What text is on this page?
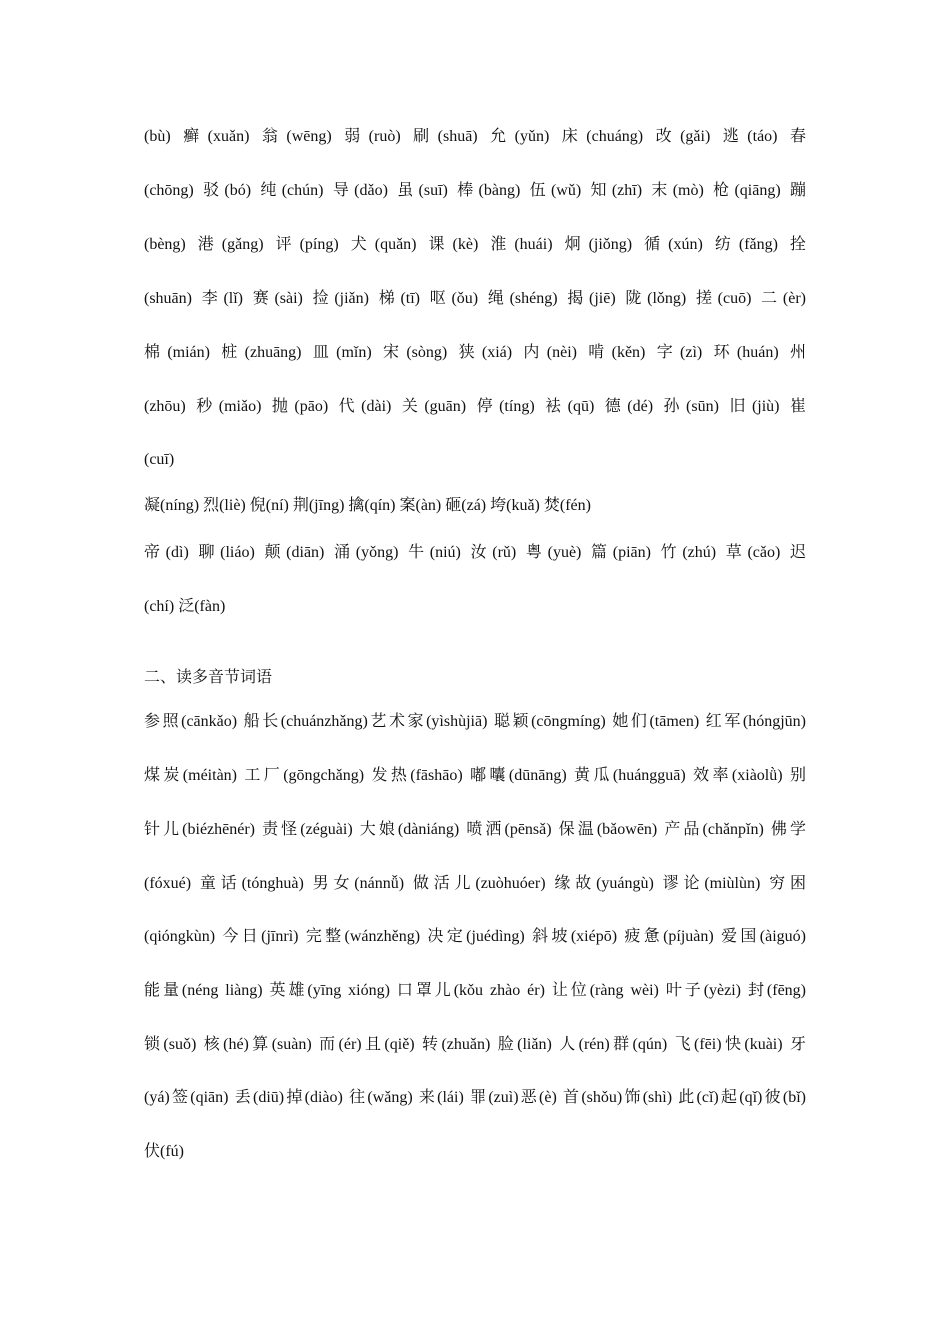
(bù) 癣(xuǎn) 翁(wēng) 弱(ruò) 刷(shuā) 允(yǔn) 床(chuáng) 改(gǎi) 逃(táo) 春
(chōng) 驳(bó) 纯(chún) 导(dǎo) 虽(suī) 棒(bàng) 伍(wǔ) 知(zhī) 末(mò) 枪(qiāng) 蹦
(bèng) 港(gǎng) 评(píng) 犬(quǎn) 课(kè) 淮(huái) 炯(jiǒng) 循(xún) 纺(fǎng) 拴
(shuān) 李(lǐ) 赛(sài) 捡(jiǎn) 梯(tī) 呕(ǒu) 绳(shéng) 揭(jiē) 陇(lǒng) 搓(cuō) 二(èr)
棉(mián) 桩(zhuāng) 皿(mǐn) 宋(sòng) 狭(xiá) 内(nèi) 啃(kěn) 字(zì) 环(huán) 州
(zhōu) 秒(miǎo) 抛(pāo) 代(dài) 关(guān) 停(tíng) 袪(qū) 德(dé) 孙(sūn) 旧(jiù) 崔
(cuī)
凝(níng) 烈(liè) 倪(ní) 荆(jīng) 擒(qín) 案(àn) 砸(zá) 垮(kuǎ) 焚(fén)
帝(dì) 聊(liáo) 颠(diān) 涌(yǒng) 牛(niú) 汝(rǔ) 粤(yuè) 篇(piān) 竹(zhú) 草(cǎo) 迟
(chí) 泛(fàn)
二、读多音节词语
参照(cānkǎo) 船长(chuánzhǎng)艺术家(yìshùjiā) 聪颖(cōngmíng) 她们(tāmen) 红军(hóngjūn)
煤炭(méitàn) 工厂(gōngchǎng) 发热(fāshāo) 嘟囔(dūnāng) 黄瓜(huángguā) 效率(xiàolǜ) 别
针儿(biézhēnér) 责怪(zéguài) 大娘(dàniáng) 喷洒(pēnsǎ) 保温(bǎowēn) 产品(chǎnpǐn) 佛学
(fóxué) 童话(tónghuà) 男女(nánnǚ) 做活儿(zuòhuóer) 缘故(yuángù) 谬论(miùlùn) 穷困
(qióngkùn) 今日(jīnrì) 完整(wánzhěng) 决定(juédìng) 斜坡(xiépō) 疲惫(píjuàn) 爱国(àiguó)
能量(néng liàng) 英雄(yīng xióng) 口罩儿(kǒu zhào ér) 让位(ràng wèi) 叶子(yèzi) 封(fēng)
锁(suǒ) 核(hé)算(suàn) 而(ér)且(qiě) 转(zhuǎn) 脸(liǎn) 人(rén)群(qún) 飞(fēi)快(kuài) 牙
(yá)签(qiān) 丢(diū)掉(diào) 往(wǎng) 来(lái) 罪(zuì)恶(è) 首(shǒu)饰(shì) 此(cǐ)起(qǐ)彼(bǐ)
伏(fú)
